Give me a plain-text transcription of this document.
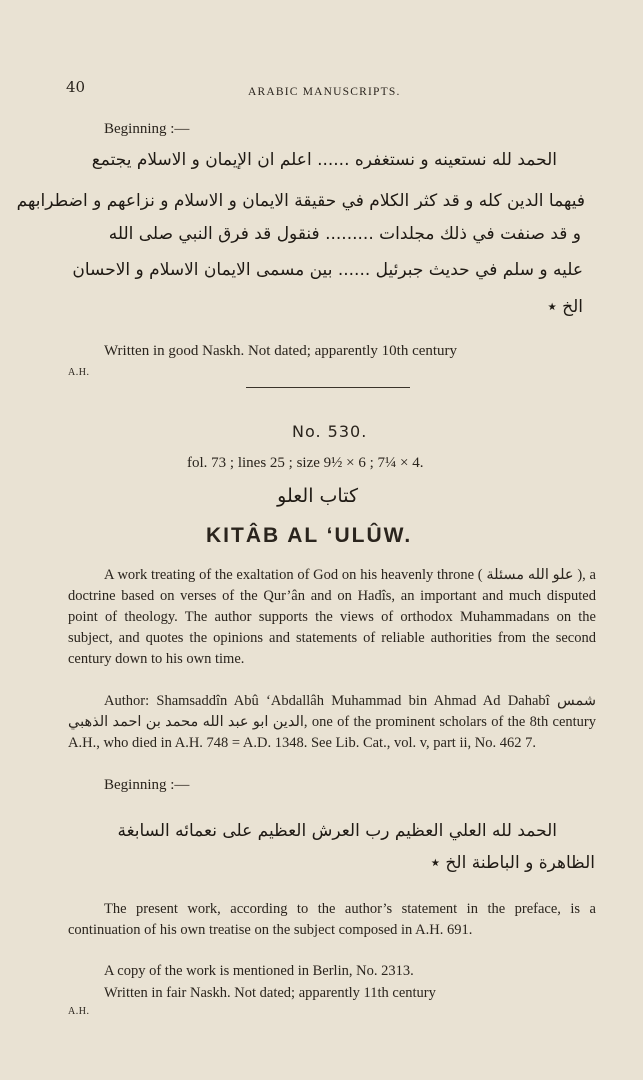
40	ARABIC MANUSCRIPTS.
Beginning :—
الحمد لله نستعينه و نستغفره ...... اعلم ان الإيمان و الاسلام يجتمع
فيهما الدين كله و قد كثر الكلام في حقيقة الايمان و الاسلام و نزاعهم و اضطرابهم
و قد صنفت في ذلك مجلدات ......... فنقول قد فرق النبي صلى الله
عليه و سلم في حديث جبرئيل ...... بين مسمى الايمان الاسلام و الاحسان
الخ ٭
Written in good Naskh. Not dated; apparently 10th century
A.H.
No. 530.
fol. 73 ; lines 25 ; size 9½ × 6 ; 7¼ × 4.
كتاب العلو
KITÂB AL ‘ULÛW.
A work treating of the exaltation of God on his heavenly throne ( علو الله مسئلة ), a doctrine based on verses of the Qur’ân and on Hadîs, an important and much disputed point of theology. The author supports the views of orthodox Muhammadans on the subject, and quotes the opinions and statements of reliable authorities from the second century down to his own time.
Author: Shamsaddîn Abû ‘Abdallâh Muhammad bin Ahmad Ad Dahabî شمس الدين ابو عبد الله محمد بن احمد الذهبي, one of the prominent scholars of the 8th century A.H., who died in A.H. 748 = A.D. 1348. See Lib. Cat., vol. v, part ii, No. 462 7.
Beginning :—
الحمد لله العلي العظيم رب العرش العظيم على نعمائه السابغة
الظاهرة و الباطنة الخ ٭
The present work, according to the author’s statement in the preface, is a continuation of his own treatise on the subject composed in A.H. 691.
A copy of the work is mentioned in Berlin, No. 2313.
Written in fair Naskh. Not dated; apparently 11th century
A.H.
